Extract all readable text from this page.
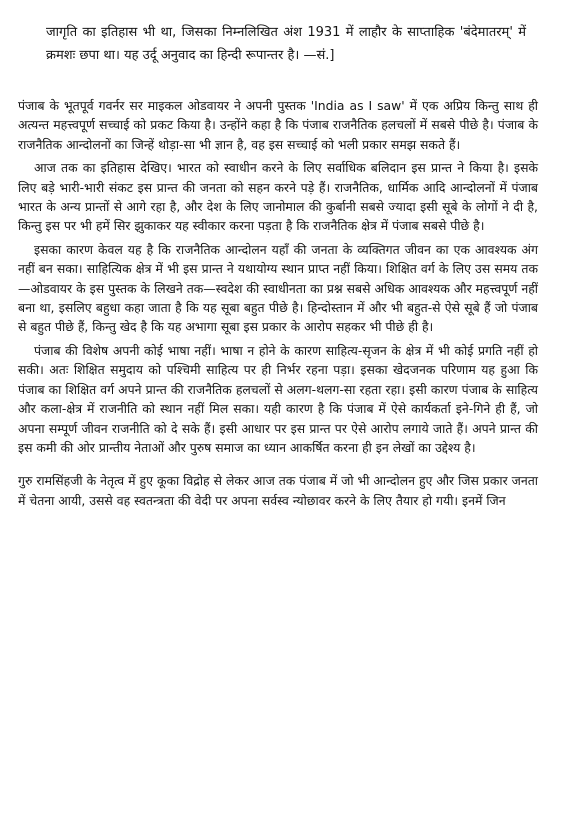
जागृति का इतिहास भी था, जिसका निम्नलिखित अंश 1931 में लाहौर के साप्ताहिक 'बंदेमातरम्' में क्रमशः छपा था। यह उर्दू अनुवाद का हिन्दी रूपान्तर है। —सं.]

पंजाब के भूतपूर्व गवर्नर सर माइकल ओडवायर ने अपनी पुस्तक 'India as I saw' में एक अप्रिय किन्तु साथ ही अत्यन्त महत्त्वपूर्ण सच्चाई को प्रकट किया है। उन्होंने कहा है कि पंजाब राजनैतिक हलचलों में सबसे पीछे है। पंजाब के राजनैतिक आन्दोलनों का जिन्हें थोड़ा-सा भी ज्ञान है, वह इस सच्चाई को भली प्रकार समझ सकते हैं।

आज तक का इतिहास देखिए। भारत को स्वाधीन करने के लिए सर्वाधिक बलिदान इस प्रान्त ने किया है। इसके लिए बड़े भारी-भारी संकट इस प्रान्त की जनता को सहन करने पड़े हैं। राजनैतिक, धार्मिक आदि आन्दोलनों में पंजाब भारत के अन्य प्रान्तों से आगे रहा है, और देश के लिए जानोमाल की कुर्बानी सबसे ज्यादा इसी सूबे के लोगों ने दी है, किन्तु इस पर भी हमें सिर झुकाकर यह स्वीकार करना पड़ता है कि राजनैतिक क्षेत्र में पंजाब सबसे पीछे है।

इसका कारण केवल यह है कि राजनैतिक आन्दोलन यहाँ की जनता के व्यक्तिगत जीवन का एक आवश्यक अंग नहीं बन सका। साहित्यिक क्षेत्र में भी इस प्रान्त ने यथायोग्य स्थान प्राप्त नहीं किया। शिक्षित वर्ग के लिए उस समय तक—ओडवायर के इस पुस्तक के लिखने तक—स्वदेश की स्वाधीनता का प्रश्न सबसे अधिक आवश्यक और महत्त्वपूर्ण नहीं बना था, इसलिए बहुधा कहा जाता है कि यह सूबा बहुत पीछे है। हिन्दोस्तान में और भी बहुत-से ऐसे सूबे हैं जो पंजाब से बहुत पीछे हैं, किन्तु खेद है कि यह अभागा सूबा इस प्रकार के आरोप सहकर भी पीछे ही है।

पंजाब की विशेष अपनी कोई भाषा नहीं। भाषा न होने के कारण साहित्य-सृजन के क्षेत्र में भी कोई प्रगति नहीं हो सकी। अतः शिक्षित समुदाय को पश्चिमी साहित्य पर ही निर्भर रहना पड़ा। इसका खेदजनक परिणाम यह हुआ कि पंजाब का शिक्षित वर्ग अपने प्रान्त की राजनैतिक हलचलों से अलग-थलग-सा रहता रहा। इसी कारण पंजाब के साहित्य और कला-क्षेत्र में राजनीति को स्थान नहीं मिल सका। यही कारण है कि पंजाब में ऐसे कार्यकर्ता इने-गिने ही हैं, जो अपना सम्पूर्ण जीवन राजनीति को दे सके हैं। इसी आधार पर इस प्रान्त पर ऐसे आरोप लगाये जाते हैं। अपने प्रान्त की इस कमी की ओर प्रान्तीय नेताओं और पुरुष समाज का ध्यान आकर्षित करना ही इन लेखों का उद्देश्य है।

गुरु रामसिंहजी के नेतृत्व में हुए कूका विद्रोह से लेकर आज तक पंजाब में जो भी आन्दोलन हुए और जिस प्रकार जनता में चेतना आयी, उससे वह स्वतन्त्रता की वेदी पर अपना सर्वस्व न्योछावर करने के लिए तैयार हो गयी। इनमें जिन
